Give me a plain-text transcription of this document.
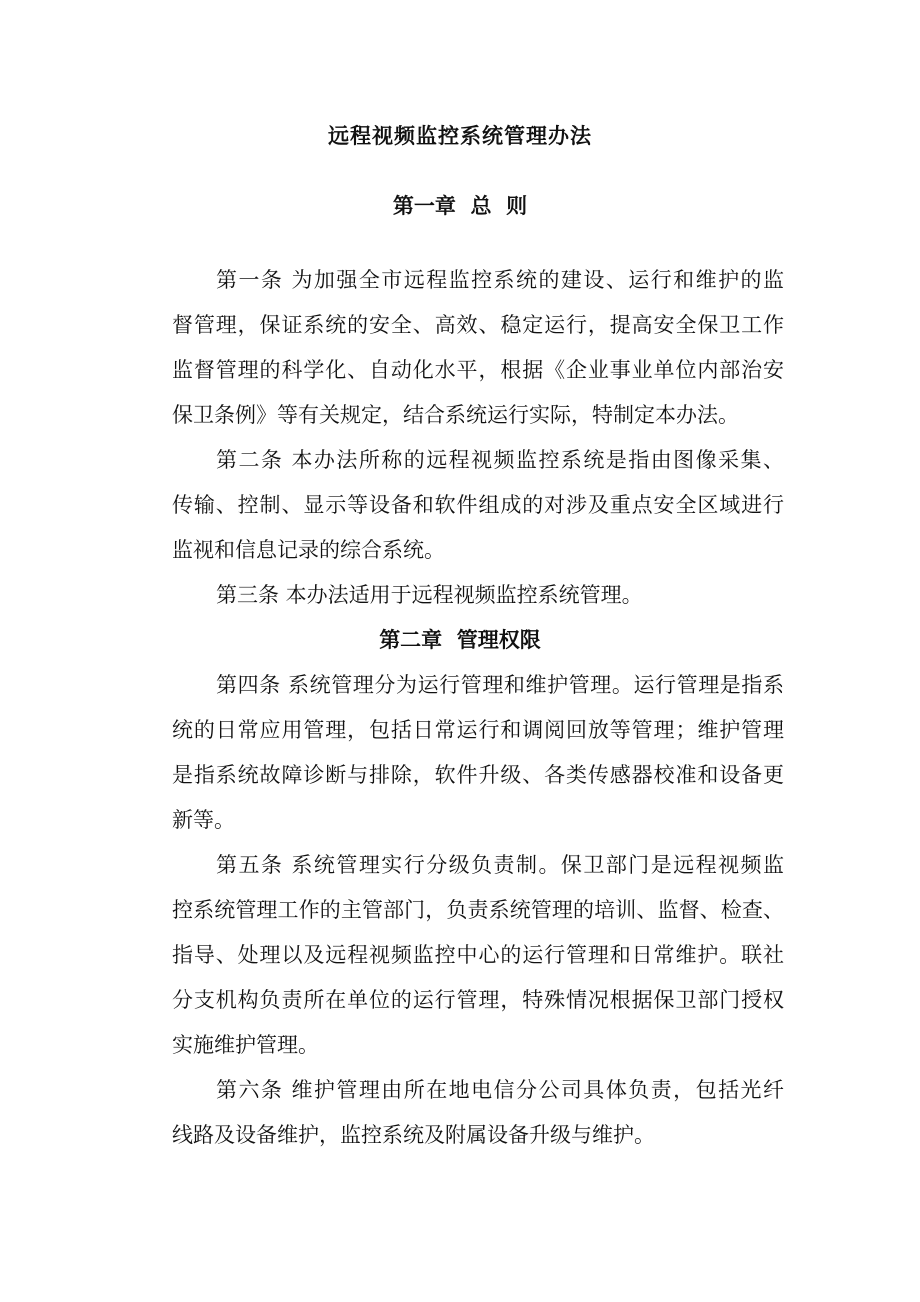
远程视频监控系统管理办法
第一章  总  则
第一条 为加强全市远程监控系统的建设、运行和维护的监
督管理，保证系统的安全、高效、稳定运行，提高安全保卫工作
监督管理的科学化、自动化水平，根据《企业事业单位内部治安
保卫条例》等有关规定，结合系统运行实际，特制定本办法。
第二条 本办法所称的远程视频监控系统是指由图像采集、
传输、控制、显示等设备和软件组成的对涉及重点安全区域进行
监视和信息记录的综合系统。
第三条 本办法适用于远程视频监控系统管理。
第二章  管理权限
第四条 系统管理分为运行管理和维护管理。运行管理是指系
统的日常应用管理，包括日常运行和调阅回放等管理；维护管理
是指系统故障诊断与排除，软件升级、各类传感器校准和设备更
新等。
第五条 系统管理实行分级负责制。保卫部门是远程视频监
控系统管理工作的主管部门，负责系统管理的培训、监督、检查、
指导、处理以及远程视频监控中心的运行管理和日常维护。联社
分支机构负责所在单位的运行管理，特殊情况根据保卫部门授权
实施维护管理。
第六条 维护管理由所在地电信分公司具体负责，包括光纤
线路及设备维护，监控系统及附属设备升级与维护。
